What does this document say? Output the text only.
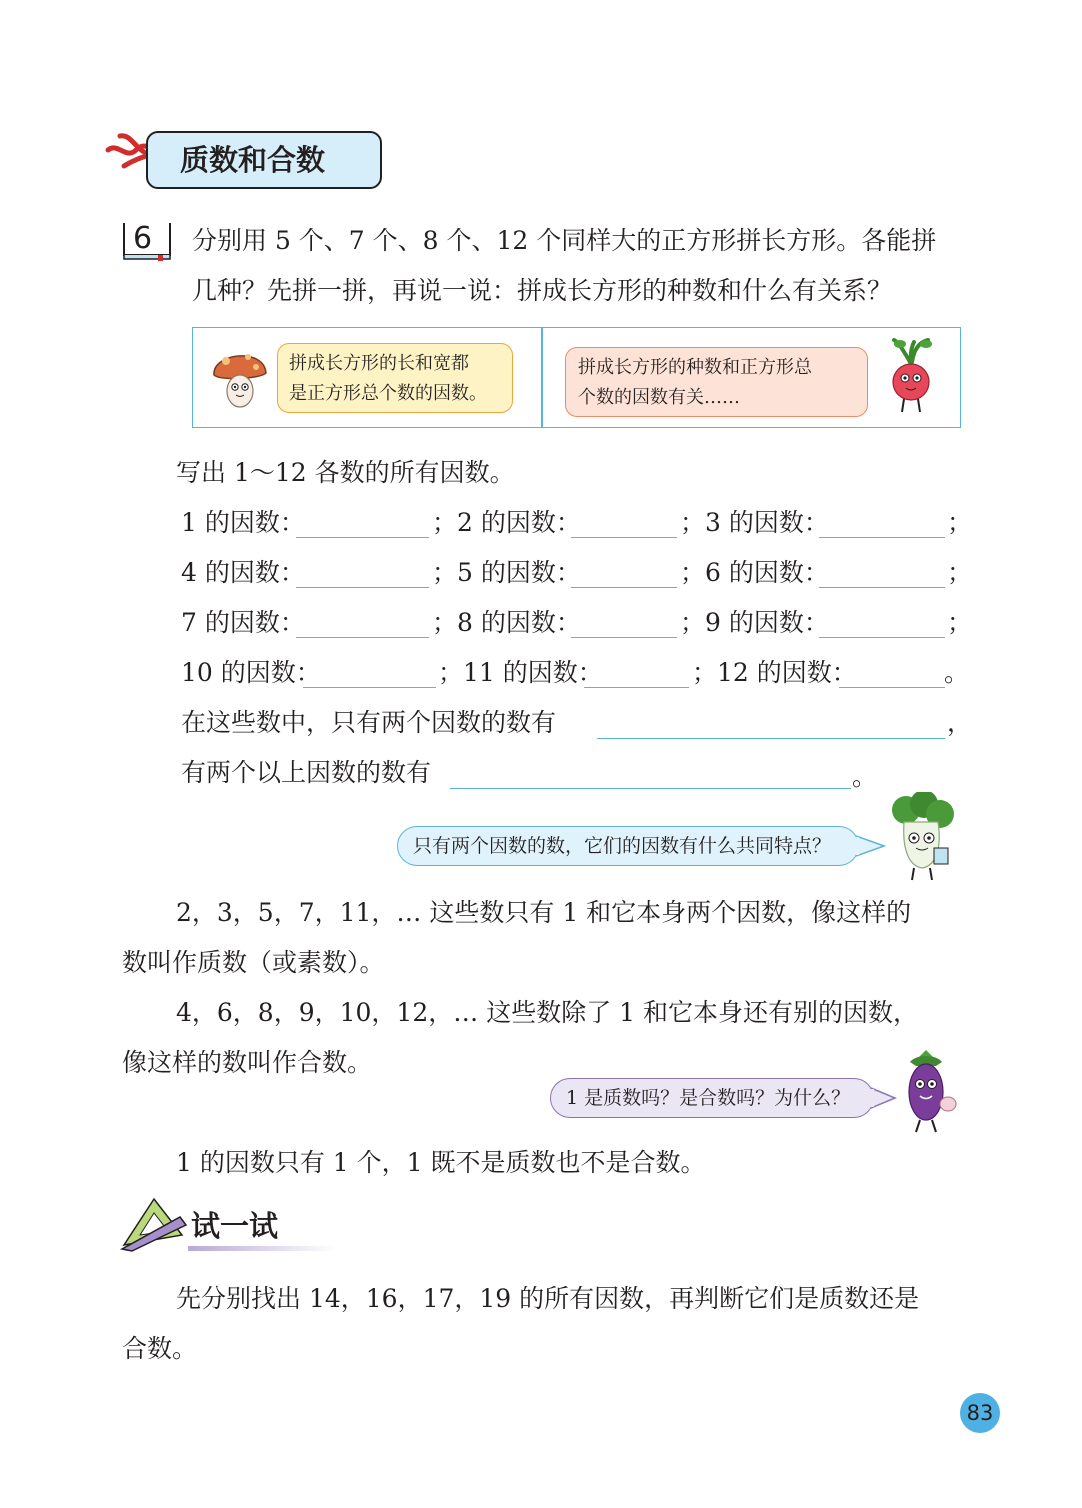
质数和合数
6 分别用 5 个、7 个、8 个、12 个同样大的正方形拼长方形。各能拼
几种？先拼一拼，再说一说：拼成长方形的种数和什么有关系？
拼成长方形的长和宽都
是正方形总个数的因数。
拼成长方形的种数和正方形总
个数的因数有关……
写出 1～12 各数的所有因数。
1 的因数：	； 2 的因数：	； 3 的因数：	；
4 的因数：	； 5 的因数：	； 6 的因数：	；
7 的因数：	； 8 的因数：	； 9 的因数：	；
10 的因数：	； 11 的因数：	； 12 的因数：	。
在这些数中，只有两个因数的数有	，
有两个以上因数的数有	。
只有两个因数的数，它们的因数有什么共同特点？
2，3，5，7，11，… 这些数只有 1 和它本身两个因数，像这样的
数叫作质数（或素数）。
4，6，8，9，10，12，… 这些数除了 1 和它本身还有别的因数，
像这样的数叫作合数。
1 是质数吗？是合数吗？为什么？
1 的因数只有 1 个，1 既不是质数也不是合数。
试一试
先分别找出 14，16，17，19 的所有因数，再判断它们是质数还是
合数。
83
